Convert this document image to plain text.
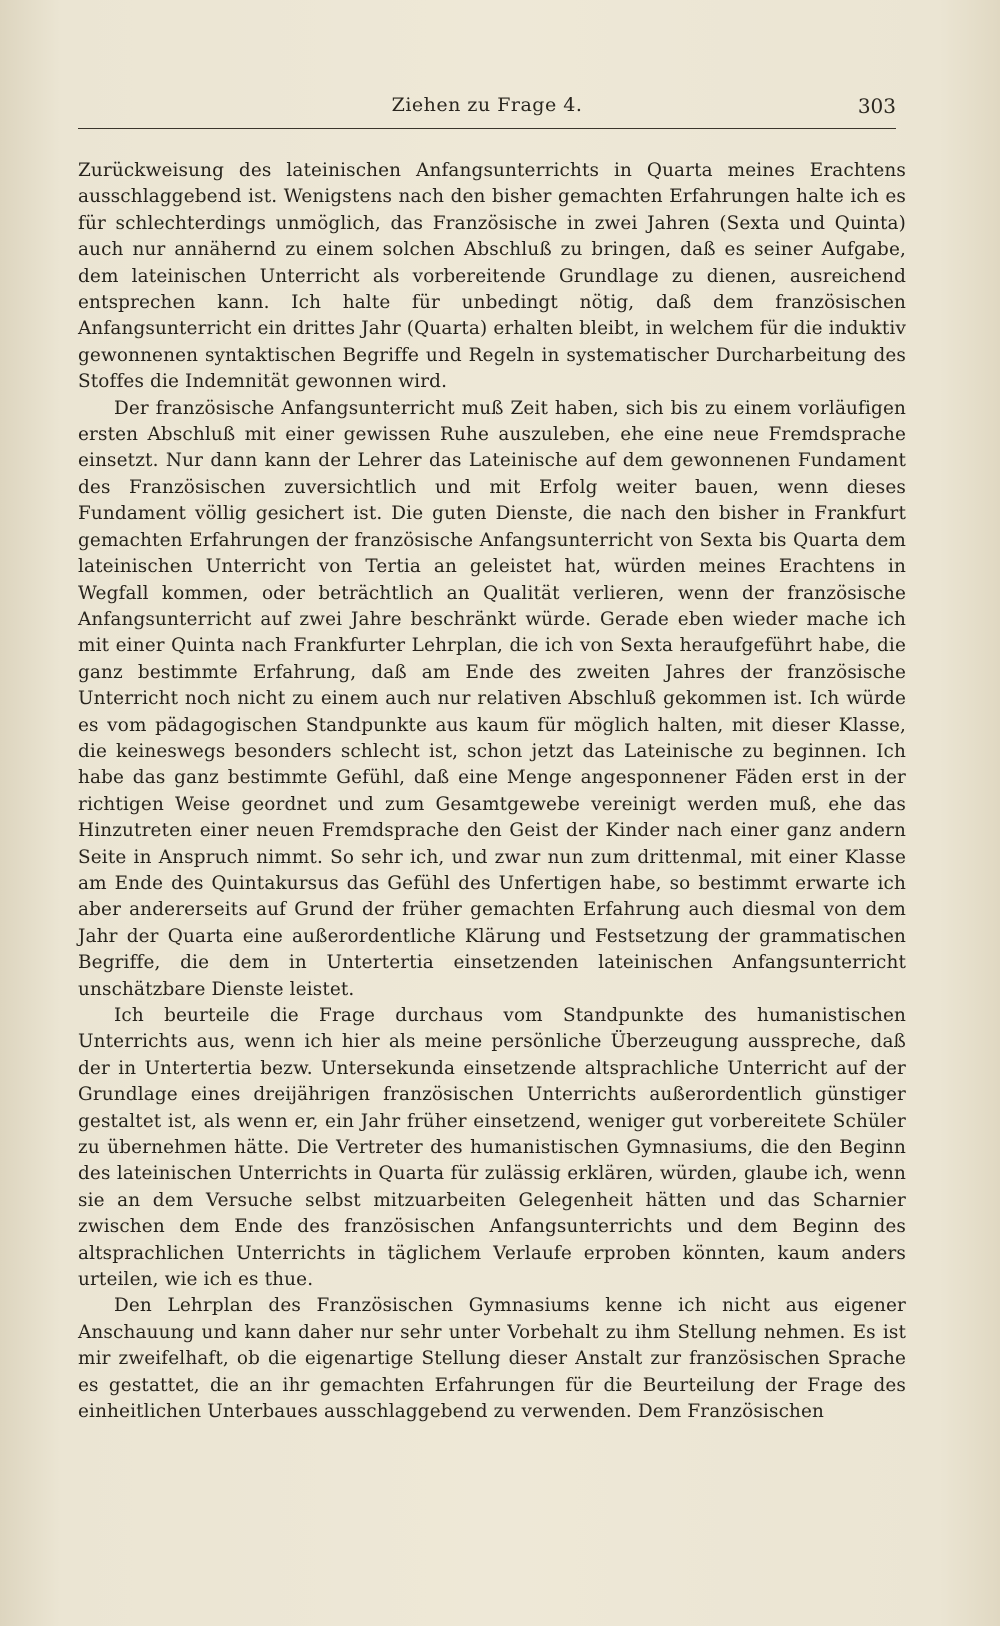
Ziehen zu Frage 4.	303

Zurückweisung des lateinischen Anfangsunterrichts in Quarta meines Erachtens ausschlaggebend ist. Wenigstens nach den bisher gemachten Erfahrungen halte ich es für schlechterdings unmöglich, das Französische in zwei Jahren (Sexta und Quinta) auch nur annähernd zu einem solchen Abschluß zu bringen, daß es seiner Aufgabe, dem lateinischen Unterricht als vorbereitende Grundlage zu dienen, ausreichend entsprechen kann. Ich halte für unbedingt nötig, daß dem französischen Anfangsunterricht ein drittes Jahr (Quarta) erhalten bleibt, in welchem für die induktiv gewonnenen syntaktischen Begriffe und Regeln in systematischer Durcharbeitung des Stoffes die Indemnität gewonnen wird.

Der französische Anfangsunterricht muß Zeit haben, sich bis zu einem vorläufigen ersten Abschluß mit einer gewissen Ruhe auszuleben, ehe eine neue Fremdsprache einsetzt. Nur dann kann der Lehrer das Lateinische auf dem gewonnenen Fundament des Französischen zuversichtlich und mit Erfolg weiter bauen, wenn dieses Fundament völlig gesichert ist. Die guten Dienste, die nach den bisher in Frankfurt gemachten Erfahrungen der französische Anfangsunterricht von Sexta bis Quarta dem lateinischen Unterricht von Tertia an geleistet hat, würden meines Erachtens in Wegfall kommen, oder beträchtlich an Qualität verlieren, wenn der französische Anfangsunterricht auf zwei Jahre beschränkt würde. Gerade eben wieder mache ich mit einer Quinta nach Frankfurter Lehrplan, die ich von Sexta heraufgeführt habe, die ganz bestimmte Erfahrung, daß am Ende des zweiten Jahres der französische Unterricht noch nicht zu einem auch nur relativen Abschluß gekommen ist. Ich würde es vom pädagogischen Standpunkte aus kaum für möglich halten, mit dieser Klasse, die keineswegs besonders schlecht ist, schon jetzt das Lateinische zu beginnen. Ich habe das ganz bestimmte Gefühl, daß eine Menge angesponnener Fäden erst in der richtigen Weise geordnet und zum Gesamtgewebe vereinigt werden muß, ehe das Hinzutreten einer neuen Fremdsprache den Geist der Kinder nach einer ganz andern Seite in Anspruch nimmt. So sehr ich, und zwar nun zum drittenmal, mit einer Klasse am Ende des Quintakursus das Gefühl des Unfertigen habe, so bestimmt erwarte ich aber andererseits auf Grund der früher gemachten Erfahrung auch diesmal von dem Jahr der Quarta eine außerordentliche Klärung und Festsetzung der grammatischen Begriffe, die dem in Untertertia einsetzenden lateinischen Anfangsunterricht unschätzbare Dienste leistet.

Ich beurteile die Frage durchaus vom Standpunkte des humanistischen Unterrichts aus, wenn ich hier als meine persönliche Überzeugung ausspreche, daß der in Untertertia bezw. Untersekunda einsetzende altsprachliche Unterricht auf der Grundlage eines dreijährigen französischen Unterrichts außerordentlich günstiger gestaltet ist, als wenn er, ein Jahr früher einsetzend, weniger gut vorbereitete Schüler zu übernehmen hätte. Die Vertreter des humanistischen Gymnasiums, die den Beginn des lateinischen Unterrichts in Quarta für zulässig erklären, würden, glaube ich, wenn sie an dem Versuche selbst mitzuarbeiten Gelegenheit hätten und das Scharnier zwischen dem Ende des französischen Anfangsunterrichts und dem Beginn des altsprachlichen Unterrichts in täglichem Verlaufe erproben könnten, kaum anders urteilen, wie ich es thue.

Den Lehrplan des Französischen Gymnasiums kenne ich nicht aus eigener Anschauung und kann daher nur sehr unter Vorbehalt zu ihm Stellung nehmen. Es ist mir zweifelhaft, ob die eigenartige Stellung dieser Anstalt zur französischen Sprache es gestattet, die an ihr gemachten Erfahrungen für die Beurteilung der Frage des einheitlichen Unterbaues ausschlaggebend zu verwenden. Dem Französischen
